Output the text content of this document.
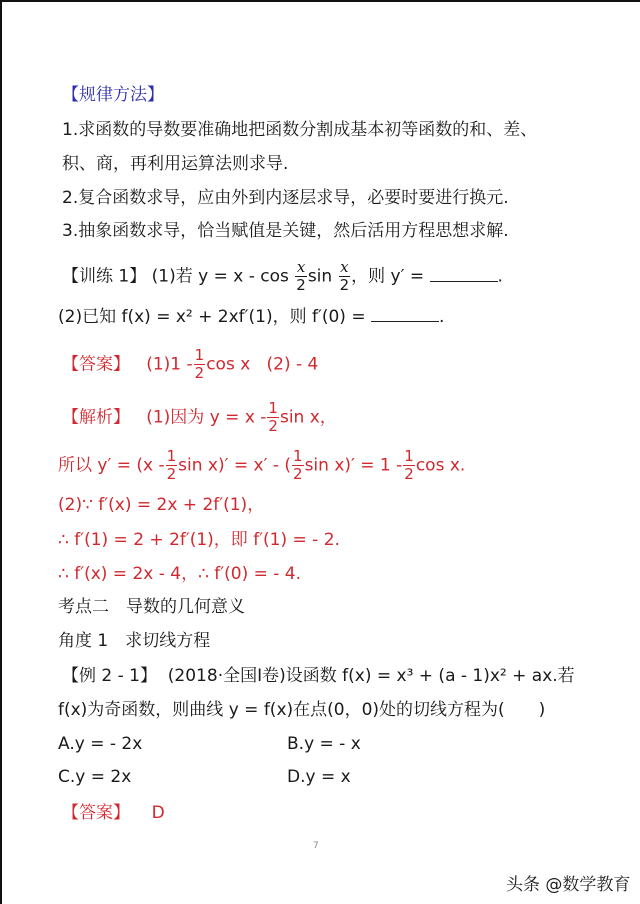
【规律方法】
1.求函数的导数要准确地把函数分割成基本初等函数的和、差、
积、商，再利用运算法则求导.
2.复合函数求导，应由外到内逐层求导，必要时要进行换元.
3.抽象函数求导，恰当赋值是关键，然后活用方程思想求解.
【训练 1】 (1)若 $y = x - \cos \frac{x}{2}$ $\sin \frac{x}{2}$ ，则 y′ =	.
(2)已知 f(x) = x² + 2xf′(1)，则 f′(0) =	.
【答案】 $(1)1 - \frac{1}{2}$ cos x (2) - 4
【解析】 (1)因为 $y = x - \frac{1}{2}$ sin x，
所以 $y' = (x - \frac{1}{2}$ sin x)′ = x′ - ( $\frac{1}{2}$ $\sin x)' = 1 - \frac{1}{2}$ cos x.
(2)∵ f′(x) = 2x + 2f′(1)，
∴ f′(1) = 2 + 2f′(1)，即 f′(1) = - 2.
∴ f′(x) = 2x - 4，∴ f′(0) = - 4.
考点二　导数的几何意义
角度 1　求切线方程
【例 2 - 1】 (2018·全国Ⅰ卷)设函数 f(x) = x³ + (a - 1)x² + ax.若
f(x)为奇函数，则曲线 y = f(x)在点(0，0)处的切线方程为(　　)
A.y = - 2x	B.y = - x
C.y = 2x	D.y = x
【答案】 D
7
头条 @数学教育
